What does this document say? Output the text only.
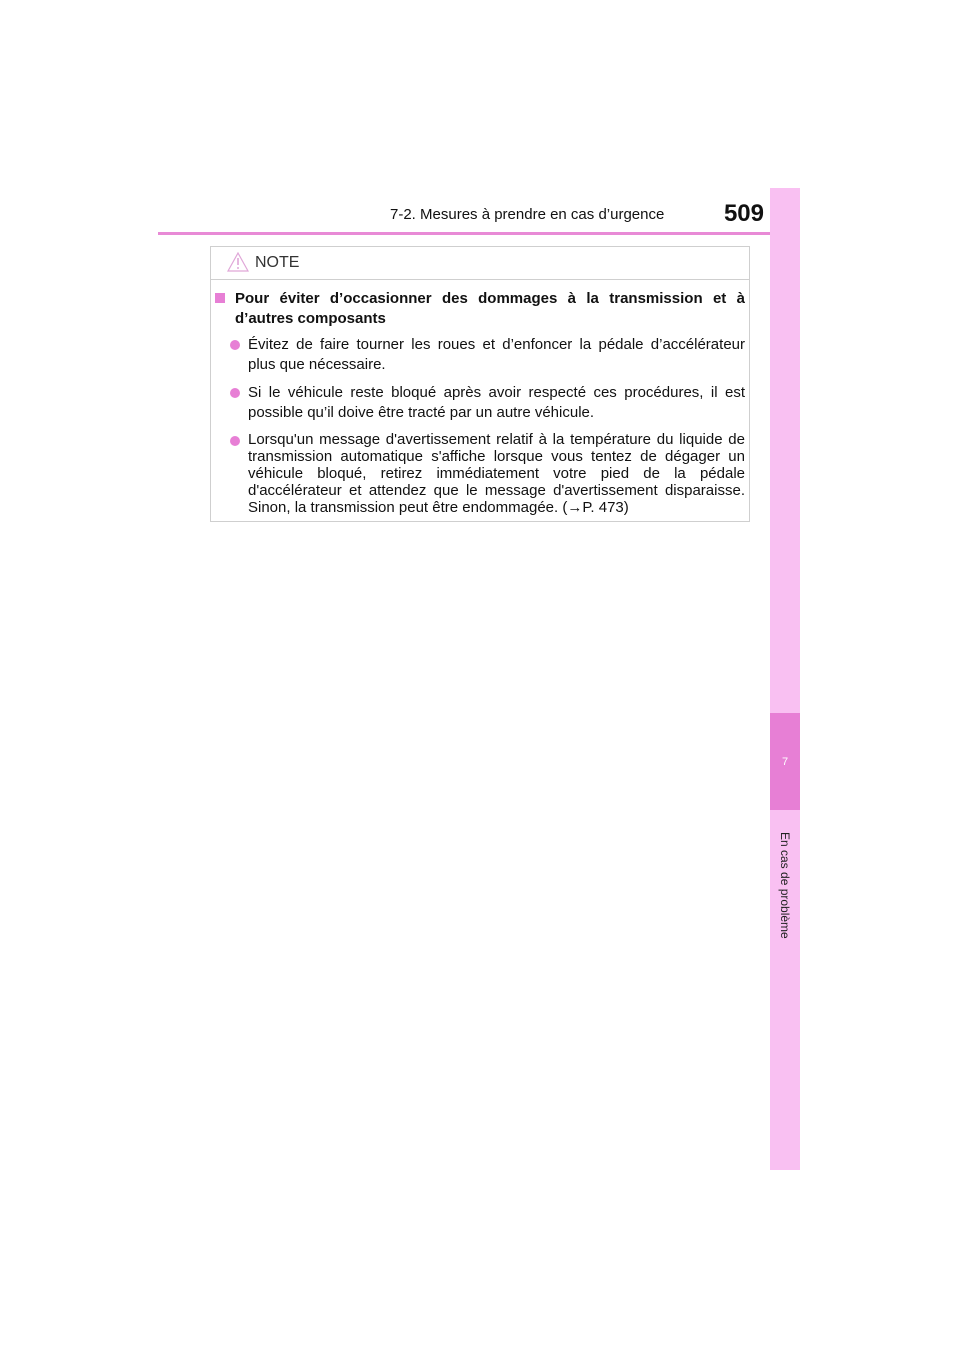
7-2. Mesures à prendre en cas d’urgence	509
7
En cas de problème
NOTE
Pour éviter d’occasionner des dommages à la transmission et à d’autres composants
Évitez de faire tourner les roues et d’enfoncer la pédale d’accélérateur plus que nécessaire.
Si le véhicule reste bloqué après avoir respecté ces procédures, il est possible qu’il doive être tracté par un autre véhicule.
Lorsqu'un message d'avertissement relatif à la température du liquide de transmission automatique s'affiche lorsque vous tentez de dégager un véhicule bloqué, retirez immédiatement votre pied de la pédale d'accélérateur et attendez que le message d'avertissement disparaisse. Sinon, la transmission peut être endommagée. (→P. 473)
